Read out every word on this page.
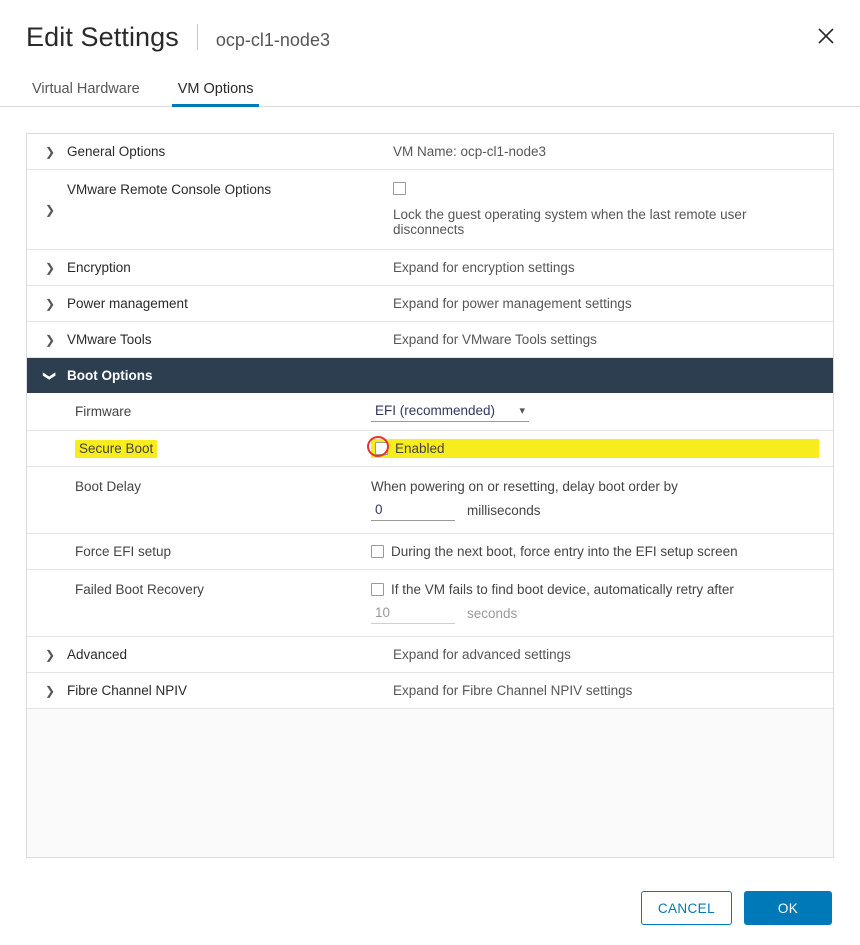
Edit Settings ocp-cl1-node3
Virtual Hardware	VM Options
❯ General Options	VM Name: ocp-cl1-node3
❯
VMware Remote Console Options
Lock the guest operating system when the last remote user disconnects
❯ Encryption	Expand for encryption settings
❯ Power management	Expand for power management settings
❯ VMware Tools	Expand for VMware Tools settings
❯ Boot Options
Firmware	EFI (recommended) ▾
Secure Boot	Enabled
Boot Delay	When powering on or resetting, delay boot order by
0
milliseconds
Force EFI setup	During the next boot, force entry into the EFI setup screen
Failed Boot Recovery	If the VM fails to find boot device, automatically retry after
10
seconds
❯ Advanced	Expand for advanced settings
❯ Fibre Channel NPIV	Expand for Fibre Channel NPIV settings
CANCEL	OK
